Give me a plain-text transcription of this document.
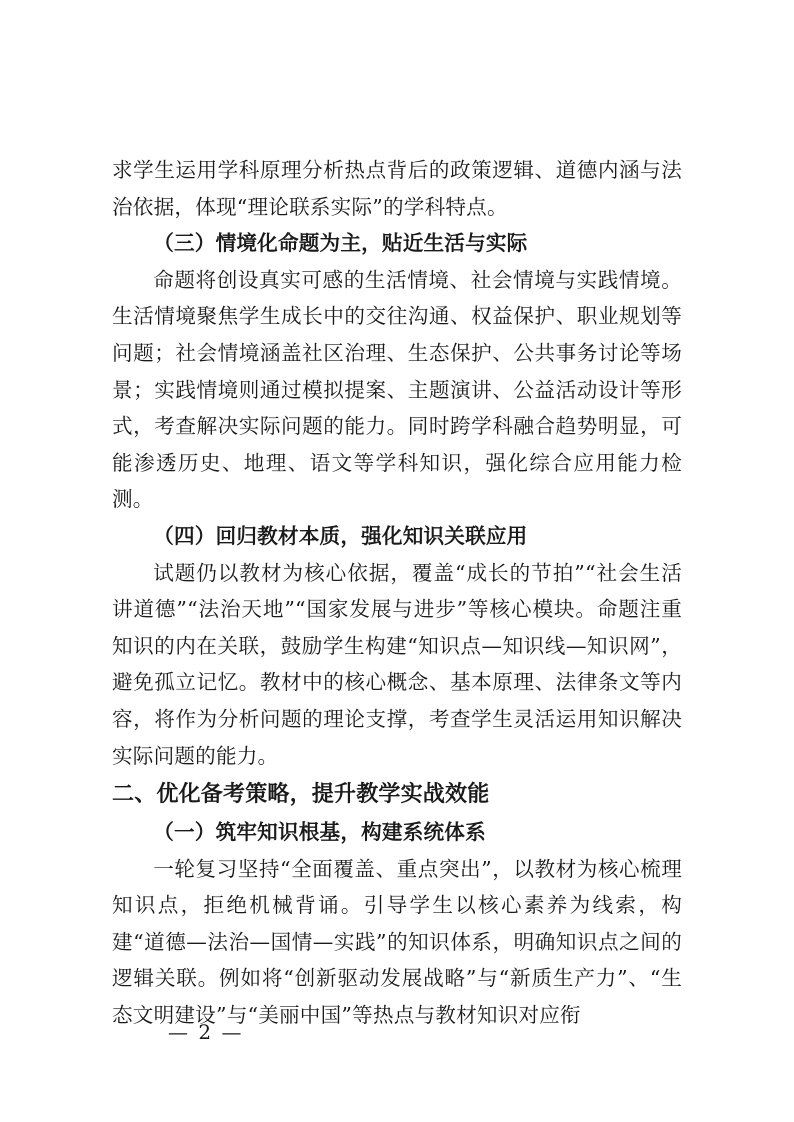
求学生运用学科原理分析热点背后的政策逻辑、道德内涵与法治依据，体现“理论联系实际”的学科特点。

（三）情境化命题为主，贴近生活与实际

命题将创设真实可感的生活情境、社会情境与实践情境。生活情境聚焦学生成长中的交往沟通、权益保护、职业规划等问题；社会情境涵盖社区治理、生态保护、公共事务讨论等场景；实践情境则通过模拟提案、主题演讲、公益活动设计等形式，考查解决实际问题的能力。同时跨学科融合趋势明显，可能渗透历史、地理、语文等学科知识，强化综合应用能力检测。

（四）回归教材本质，强化知识关联应用

试题仍以教材为核心依据，覆盖“成长的节拍”“社会生活讲道德”“法治天地”“国家发展与进步”等核心模块。命题注重知识的内在关联，鼓励学生构建“知识点—知识线—知识网”，避免孤立记忆。教材中的核心概念、基本原理、法律条文等内容，将作为分析问题的理论支撑，考查学生灵活运用知识解决实际问题的能力。

二、优化备考策略，提升教学实战效能
（一）筑牢知识根基，构建系统体系

一轮复习坚持“全面覆盖、重点突出”，以教材为核心梳理知识点，拒绝机械背诵。引导学生以核心素养为线索，构建“道德—法治—国情—实践”的知识体系，明确知识点之间的逻辑关联。例如将“创新驱动发展战略”与“新质生产力”、“生态文明建设”与“美丽中国”等热点与教材知识对应衔

— 2 —
